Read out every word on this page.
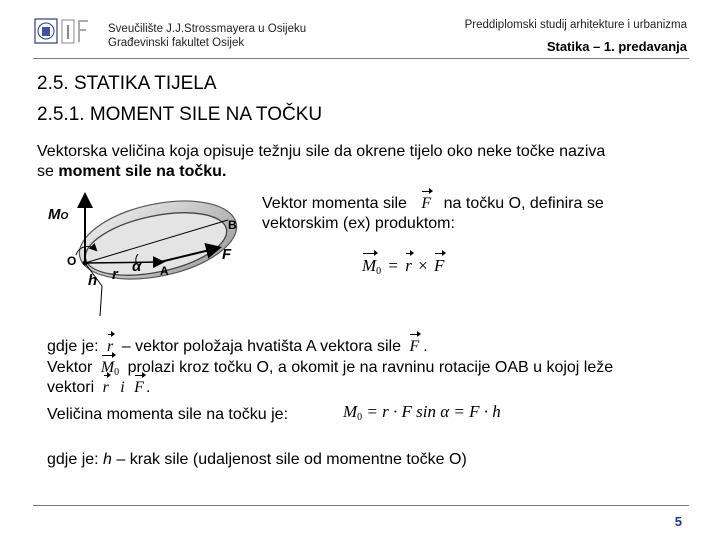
Sveučilište J.J.Strossmayera u Osijeku
Građevinski fakultet Osijek
Preddiplomski studij arhitekture i urbanizma
Statika – 1. predavanja
2.5. STATIKA TIJELA
2.5.1. MOMENT SILE NA TOČKU
Vektorska veličina koja opisuje težnju sile da okrene tijelo oko neke točke naziva
se moment sile na točku.
MO
O
B
A
r α
h
F
Vektor momenta sile F na točku O, definira se
vektorskim (ex) produktom:
$M_0 = r \times F$
gdje je: r – vektor položaja hvatišta A vektora sile F .
Vektor $M_0$ prolazi kroz točku O, a okomit je na ravninu rotacije OAB u kojoj leže
vektori r i F .
Veličina momenta sile na točku je:	$M_0 = r \cdot F$ sin α = F · h
gdje je: h – krak sile (udaljenost sile od momentne točke O)
5
